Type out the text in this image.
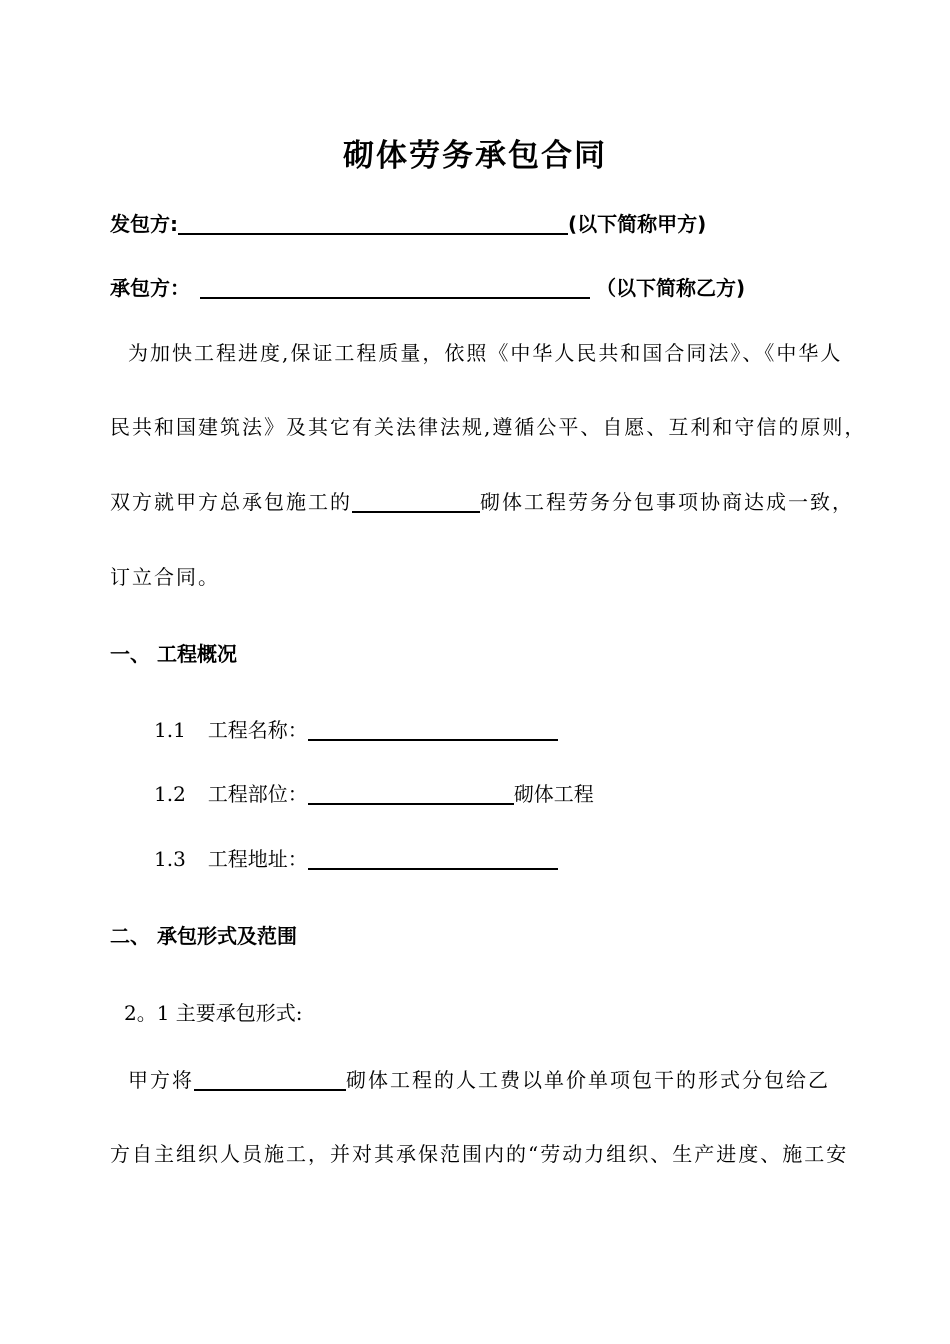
砌体劳务承包合同
发包方:	(以下简称甲方)
承包方：	（以下简称乙方)
为加快工程进度,保证工程质量，依照《中华人民共和国合同法》、《中华人
民共和国建筑法》及其它有关法律法规,遵循公平、自愿、互利和守信的原则，
双方就甲方总承包施工的	砌体工程劳务分包事项协商达成一致，
订立合同。
一、 工程概况
1.1 工程名称：
1.2 工程部位：	砌体工程
1.3 工程地址：
二、 承包形式及范围
2。1 主要承包形式:
甲方将	砌体工程的人工费以单价单项包干的形式分包给乙
方自主组织人员施工，并对其承保范围内的“劳动力组织、生产进度、施工安
